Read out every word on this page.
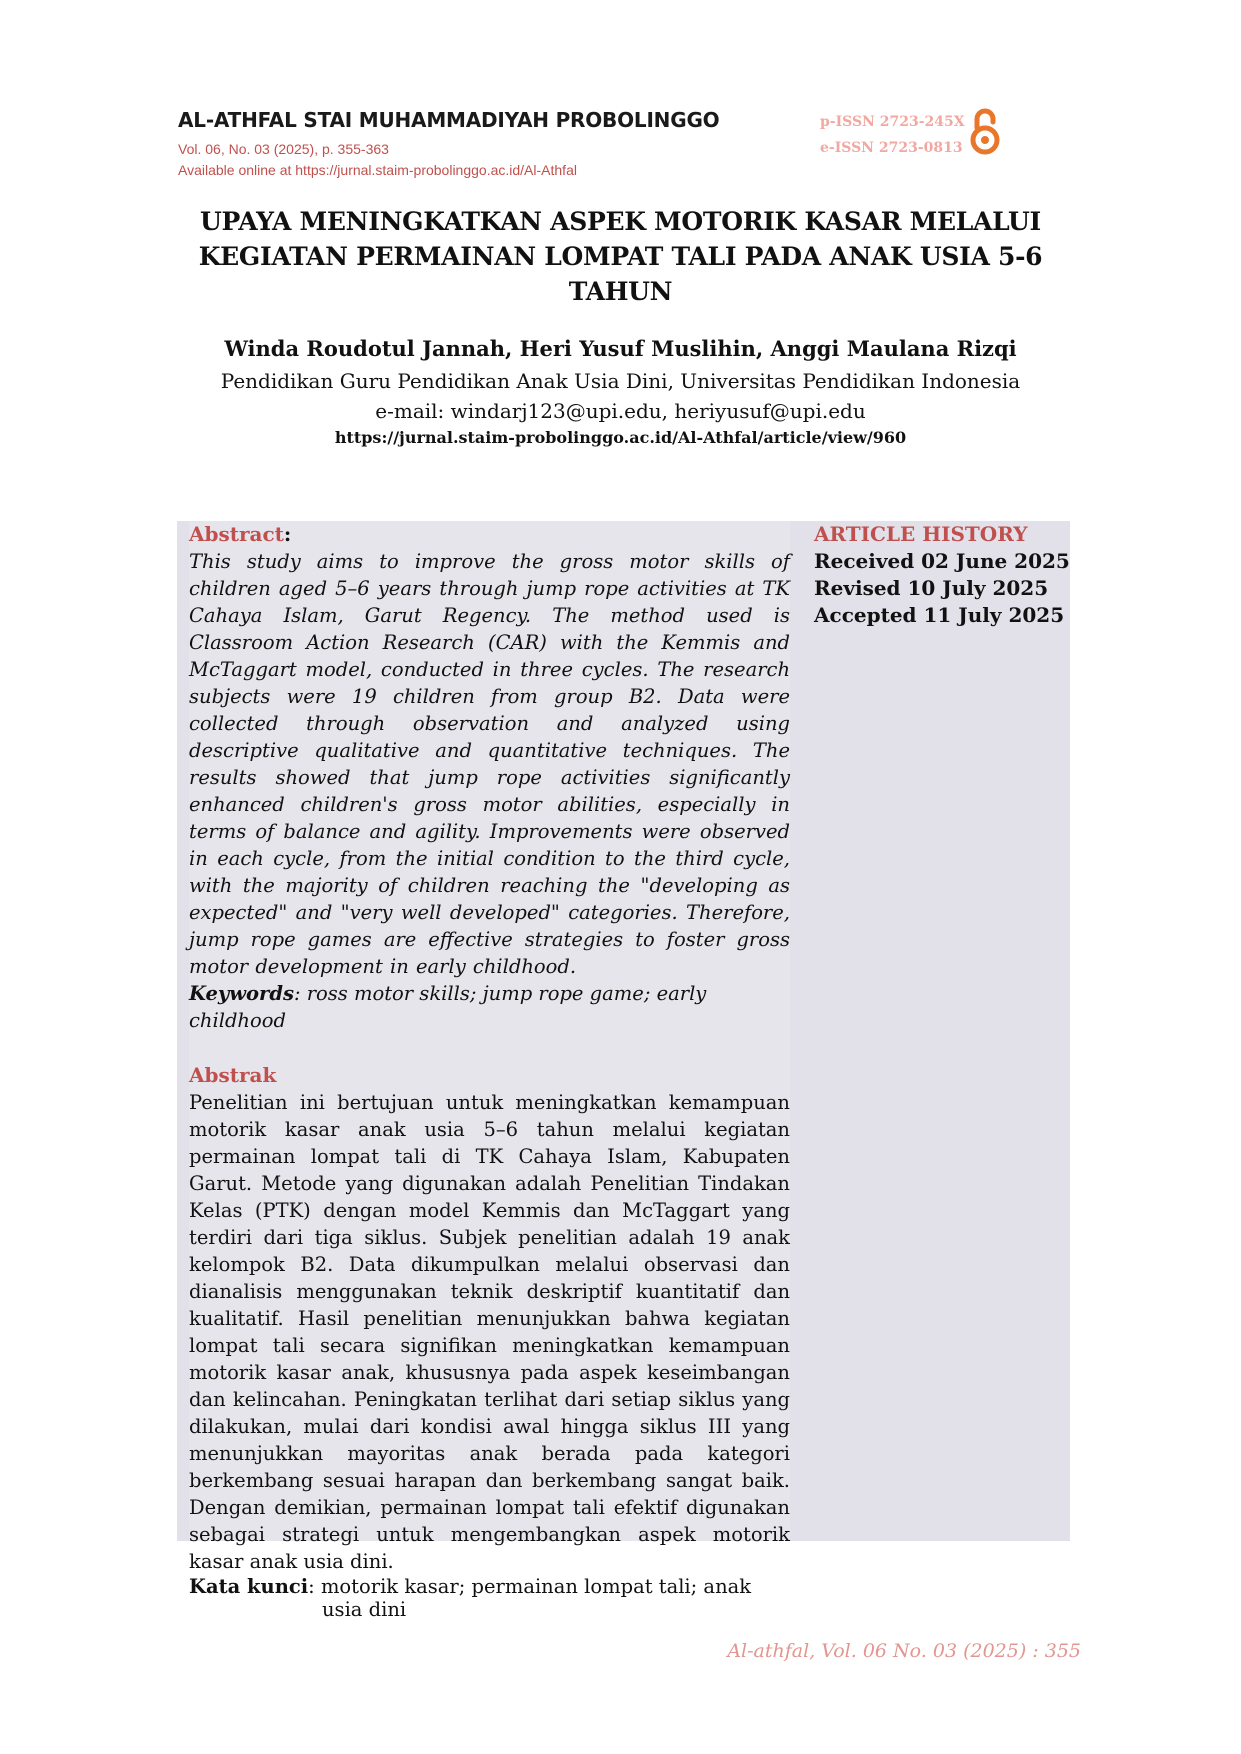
AL-ATHFAL STAI MUHAMMADIYAH PROBOLINGGO
Vol. 06, No. 03 (2025), p. 355-363
Available online at https://jurnal.staim-probolinggo.ac.id/Al-Athfal
p-ISSN 2723-245X
e-ISSN 2723-0813
UPAYA MENINGKATKAN ASPEK MOTORIK KASAR MELALUI KEGIATAN PERMAINAN LOMPAT TALI PADA ANAK USIA 5-6 TAHUN
Winda Roudotul Jannah, Heri Yusuf Muslihin, Anggi Maulana Rizqi
Pendidikan Guru Pendidikan Anak Usia Dini, Universitas Pendidikan Indonesia
e-mail: windarj123@upi.edu, heriyusuf@upi.edu
https://jurnal.staim-probolinggo.ac.id/Al-Athfal/article/view/960
Abstract:
This study aims to improve the gross motor skills of children aged 5–6 years through jump rope activities at TK Cahaya Islam, Garut Regency. The method used is Classroom Action Research (CAR) with the Kemmis and McTaggart model, conducted in three cycles. The research subjects were 19 children from group B2. Data were collected through observation and analyzed using descriptive qualitative and quantitative techniques. The results showed that jump rope activities significantly enhanced children's gross motor abilities, especially in terms of balance and agility. Improvements were observed in each cycle, from the initial condition to the third cycle, with the majority of children reaching the "developing as expected" and "very well developed" categories. Therefore, jump rope games are effective strategies to foster gross motor development in early childhood.
Keywords: ross motor skills; jump rope game; early childhood
Abstrak
Penelitian ini bertujuan untuk meningkatkan kemampuan motorik kasar anak usia 5–6 tahun melalui kegiatan permainan lompat tali di TK Cahaya Islam, Kabupaten Garut. Metode yang digunakan adalah Penelitian Tindakan Kelas (PTK) dengan model Kemmis dan McTaggart yang terdiri dari tiga siklus. Subjek penelitian adalah 19 anak kelompok B2. Data dikumpulkan melalui observasi dan dianalisis menggunakan teknik deskriptif kuantitatif dan kualitatif. Hasil penelitian menunjukkan bahwa kegiatan lompat tali secara signifikan meningkatkan kemampuan motorik kasar anak, khususnya pada aspek keseimbangan dan kelincahan. Peningkatan terlihat dari setiap siklus yang dilakukan, mulai dari kondisi awal hingga siklus III yang menunjukkan mayoritas anak berada pada kategori berkembang sesuai harapan dan berkembang sangat baik. Dengan demikian, permainan lompat tali efektif digunakan sebagai strategi untuk mengembangkan aspek motorik kasar anak usia dini.
Kata kunci: motorik kasar; permainan lompat tali; anak usia dini
ARTICLE HISTORY
Received 02 June 2025
Revised 10 July 2025
Accepted 11 July 2025
Al-athfal, Vol. 06 No. 03 (2025) : 355
